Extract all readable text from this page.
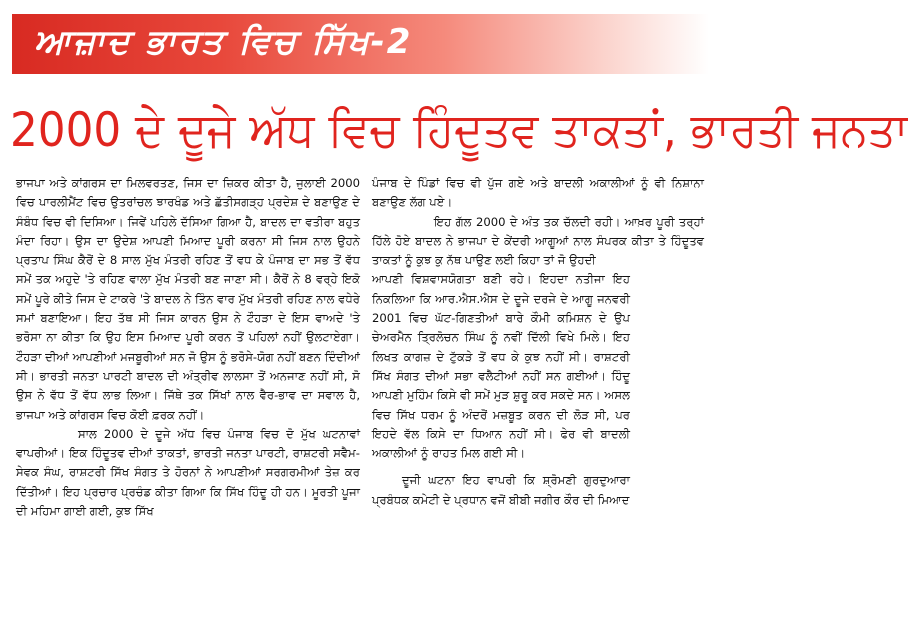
ਆਜ਼ਾਦ ਭਾਰਤ ਵਿਚ ਸਿੱਖ-2
2000 ਦੇ ਦੂਜੇ ਅੱਧ ਵਿਚ ਹਿੰਦੂਤਵ ਤਾਕਤਾਂ, ਭਾਰਤੀ ਜਨਤਾ

ਭਾਜਪਾ ਅਤੇ ਕਾਂਗਰਸ ਦਾ ਮਿਲਵਰਤਣ, ਜਿਸ ਦਾ ਜ਼ਿਕਰ ਕੀਤਾ ਹੈ, ਜੁਲਾਈ 2000 ਵਿਚ ਪਾਰਲੀਮੈਂਟ ਵਿਚ ਉਤਰਾਂਚਲ ਝਾਰਖੰਡ ਅਤੇ ਛੱਤੀਸਗੜ੍ਹ ਪ੍ਰਦੇਸ਼ ਦੇ ਬਣਾਉਣ ਦੇ ਸੰਬੰਧ ਵਿਚ ਵੀ ਦਿਸਿਆ। ਜਿਵੇਂ ਪਹਿਲੇ ਦੱਸਿਆ ਗਿਆ ਹੈ, ਬਾਦਲ ਦਾ ਵਤੀਰਾ ਬਹੁਤ ਮੰਦਾ ਰਿਹਾ। ਉਸ ਦਾ ਉਦੇਸ਼ ਆਪਣੀ ਮਿਆਦ ਪੂਰੀ ਕਰਨਾ ਸੀ ਜਿਸ ਨਾਲ ਉਹਨੇ ਪ੍ਰਤਾਪ ਸਿੰਘ ਕੈਰੋਂ ਦੇ 8 ਸਾਲ ਮੁੱਖ ਮੰਤਰੀ ਰਹਿਣ ਤੋਂ ਵਧ ਕੇ ਪੰਜਾਬ ਦਾ ਸਭ ਤੋਂ ਵੱਧ ਸਮੇਂ ਤਕ ਅਹੁਦੇ 'ਤੇ ਰਹਿਣ ਵਾਲਾ ਮੁੱਖ ਮੰਤਰੀ ਬਣ ਜਾਣਾ ਸੀ। ਕੈਰੋਂ ਨੇ 8 ਵਰ੍ਹੇ ਇਕੋ ਸਮੇਂ ਪੂਰੇ ਕੀਤੇ ਜਿਸ ਦੇ ਟਾਕਰੇ 'ਤੇ ਬਾਦਲ ਨੇ ਤਿੰਨ ਵਾਰ ਮੁੱਖ ਮੰਤਰੀ ਰਹਿਣ ਨਾਲ ਵਧੇਰੇ ਸਮਾਂ ਬਣਾਇਆ। ਇਹ ਤੱਥ ਸੀ ਜਿਸ ਕਾਰਨ ਉਸ ਨੇ ਟੌਹੜਾ ਦੇ ਇਸ ਵਾਅਦੇ 'ਤੇ ਭਰੋਸਾ ਨਾ ਕੀਤਾ ਕਿ ਉਹ ਇਸ ਮਿਆਦ ਪੂਰੀ ਕਰਨ ਤੋਂ ਪਹਿਲਾਂ ਨਹੀਂ ਉਲਟਾਏਗਾ। ਟੌਹੜਾ ਦੀਆਂ ਆਪਣੀਆਂ ਮਜਬੂਰੀਆਂ ਸਨ ਜੋ ਉਸ ਨੂੰ ਭਰੋਸੇ-ਯੋਗ ਨਹੀਂ ਬਣਨ ਦਿੰਦੀਆਂ ਸੀ। ਭਾਰਤੀ ਜਨਤਾ ਪਾਰਟੀ ਬਾਦਲ ਦੀ ਅੰਤ੍ਰੀਵ ਲਾਲਸਾ ਤੋਂ ਅਨਜਾਣ ਨਹੀਂ ਸੀ, ਸੋ ਉਸ ਨੇ ਵੱਧ ਤੋਂ ਵੱਧ ਲਾਭ ਲਿਆ। ਜਿੱਥੇ ਤਕ ਸਿੱਖਾਂ ਨਾਲ ਵੈਰ-ਭਾਵ ਦਾ ਸਵਾਲ ਹੈ, ਭਾਜਪਾ ਅਤੇ ਕਾਂਗਰਸ ਵਿਚ ਕੋਈ ਫ਼ਰਕ ਨਹੀਂ।

ਸਾਲ 2000 ਦੇ ਦੂਜੇ ਅੱਧ ਵਿਚ ਪੰਜਾਬ ਵਿਚ ਦੋ ਮੁੱਖ ਘਟਨਾਵਾਂ ਵਾਪਰੀਆਂ। ਇਕ ਹਿੰਦੂਤਵ ਦੀਆਂ ਤਾਕਤਾਂ, ਭਾਰਤੀ ਜਨਤਾ ਪਾਰਟੀ, ਰਾਸ਼ਟਰੀ ਸਵੈਮ-ਸੇਵਕ ਸੰਘ, ਰਾਸ਼ਟਰੀ ਸਿੱਖ ਸੰਗਤ ਤੇ ਹੋਰਨਾਂ ਨੇ ਆਪਣੀਆਂ ਸਰਗਰਮੀਆਂ ਤੇਜ਼ ਕਰ ਦਿੱਤੀਆਂ। ਇਹ ਪ੍ਰਚਾਰ ਪ੍ਰਚੰਡ ਕੀਤਾ ਗਿਆ ਕਿ ਸਿੱਖ ਹਿੰਦੂ ਹੀ ਹਨ। ਮੂਰਤੀ ਪੂਜਾ ਦੀ ਮਹਿਮਾ ਗਾਈ ਗਈ, ਕੁਝ ਸਿੱਖ

ਪੰਜਾਬ ਦੇ ਪਿੰਡਾਂ ਵਿਚ ਵੀ ਪੁੱਜ ਗਏ ਅਤੇ ਬਾਦਲੀ ਅਕਾਲੀਆਂ ਨੂੰ ਵੀ ਨਿਸ਼ਾਨਾ ਬਣਾਉਣ ਲੱਗ ਪਏ।

ਇਹ ਗੱਲ 2000 ਦੇ ਅੰਤ ਤਕ ਚੱਲਦੀ ਰਹੀ। ਆਖ਼ਰ ਪੂਰੀ ਤਰ੍ਹਾਂ ਹਿੱਲੇ ਹੋਏ ਬਾਦਲ ਨੇ ਭਾਜਪਾ ਦੇ ਕੇਂਦਰੀ ਆਗੂਆਂ ਨਾਲ ਸੰਪਰਕ ਕੀਤਾ ਤੇ ਹਿੰਦੂਤਵ ਤਾਕਤਾਂ ਨੂੰ ਕੁਝ ਕੁ ਨੱਥ ਪਾਉਣ ਲਈ ਕਿਹਾ ਤਾਂ ਜੋ ਉਹਦੀ

ਆਪਣੀ ਵਿਸ਼ਵਾਸਯੋਗਤਾ ਬਣੀ ਰਹੇ। ਇਹਦਾ ਨਤੀਜਾ ਇਹ ਨਿਕਲਿਆ ਕਿ ਆਰ.ਐਸ.ਐਸ ਦੇ ਦੂਜੇ ਦਰਜੇ ਦੇ ਆਗੂ ਜਨਵਰੀ 2001 ਵਿਚ ਘੱਟ-ਗਿਣਤੀਆਂ ਬਾਰੇ ਕੌਮੀ ਕਮਿਸ਼ਨ ਦੇ ਉਪ ਚੇਅਰਮੈਨ ਤ੍ਰਿਲੋਚਨ ਸਿੰਘ ਨੂੰ ਨਵੀਂ ਦਿੱਲੀ ਵਿਖੇ ਮਿਲੇ। ਇਹ ਲਿਖਤ ਕਾਗਜ਼ ਦੇ ਟੁੱਕੜੇ ਤੋਂ ਵਧ ਕੇ ਕੁਝ ਨਹੀਂ ਸੀ। ਰਾਸ਼ਟਰੀ ਸਿੱਖ ਸੰਗਤ ਦੀਆਂ ਸਭਾ ਵਲੈਟੀਆਂ ਨਹੀਂ ਸਨ ਗਈਆਂ। ਹਿੰਦੂ ਆਪਣੀ ਮੁਹਿੰਮ ਕਿਸੇ ਵੀ ਸਮੇਂ ਮੁੜ ਸ਼ੁਰੂ ਕਰ ਸਕਦੇ ਸਨ। ਅਸਲ ਵਿਚ ਸਿੱਖ ਧਰਮ ਨੂੰ ਅੰਦਰੋਂ ਮਜ਼ਬੂਤ ਕਰਨ ਦੀ ਲੋੜ ਸੀ, ਪਰ ਇਹਦੇ ਵੱਲ ਕਿਸੇ ਦਾ ਧਿਆਨ ਨਹੀਂ ਸੀ। ਫੇਰ ਵੀ ਬਾਦਲੀ ਅਕਾਲੀਆਂ ਨੂੰ ਰਾਹਤ ਮਿਲ ਗਈ ਸੀ।

ਦੂਜੀ ਘਟਨਾ ਇਹ ਵਾਪਰੀ ਕਿ ਸ਼੍ਰੋਮਣੀ ਗੁਰਦੁਆਰਾ ਪ੍ਰਬੰਧਕ ਕਮੇਟੀ ਦੇ ਪ੍ਰਧਾਨ ਵਜੋਂ ਬੀਬੀ ਜਗੀਰ ਕੌਰ ਦੀ ਮਿਆਦ
